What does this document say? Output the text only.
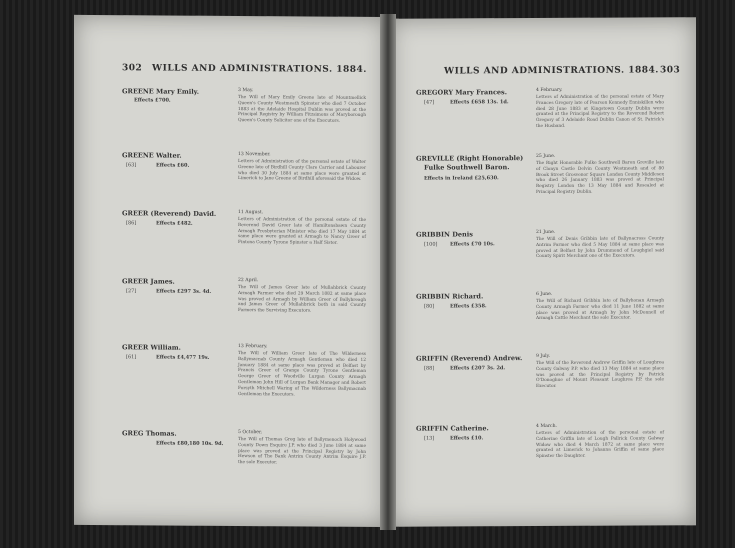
302 WILLS AND ADMINISTRATIONS. 1884.
GREENE Mary Emily.
Effects £700.
3 May.
The Will of Mary Emily Greene late of Mountmellick Queen's County Westmeath Spinster who died 7 October 1883 at the Adelaide Hospital Dublin was proved at the Principal Registry by William Fitzsimons of Maryborough Queen's County Solicitor one of the Executors.
GREENE Walter.
[63]	Effects £60.
13 November.
Letters of Administration of the personal estate of Walter Greene late of Birdhill County Clare Carrier and Labourer who died 30 July 1884 at same place were granted at Limerick to Jane Greene of Birdhill aforesaid the Widow.
GREER (Reverend) David.
[86]	Effects £482.
11 August.
Letters of Administration of the personal estate of the Reverend David Greer late of Hamiltonsbawn County Armagh Presbyterian Minister who died 17 May 1884 at same place were granted at Armagh to Nancy Greer of Fintona County Tyrone Spinster a Half Sister.
GREER James.
[27]	Effects £297 3s. 4d.
22 April.
The Will of James Greer late of Mullahbrick County Armagh Farmer who died 29 March 1882 at same place was proved at Armagh by William Greer of Ballybreagh and James Greer of Mullahbrick both in said County Farmers the Surviving Executors.
GREER William.
[61]	Effects £4,477 19s.
13 February.
The Will of William Greer late of The Wilderness Ballymacnab County Armagh Gentleman who died 12 January 1884 at same place was proved at Belfast by Francis Greer of Grange County Tyrone Gentleman George Greer of Woodville Lurgan County Armagh Gentleman John Hill of Lurgan Bank Manager and Robert Forsyth Mitchell Waring of The Wilderness Ballymacnab Gentleman the Executors.
GREG Thomas.
Effects £80,180 10s. 9d.
5 October.
The Will of Thomas Greg late of Ballymenoch Holywood County Down Esquire J.P. who died 3 June 1884 at same place was proved at the Principal Registry by John Hewson of The Bank Antrim County Antrim Esquire J.P. the sole Executor.
WILLS AND ADMINISTRATIONS. 1884. 303
GREGORY Mary Frances.
[47]	Effects £658 13s. 1d.
4 February.
Letters of Administration of the personal estate of Mary Frances Gregory late of Pearson Kennedy Enniskillen who died 28 June 1883 at Kingstown County Dublin were granted at the Principal Registry to the Reverend Robert Gregory of 3 Adelaide Road Dublin Canon of St. Patrick's the Husband.
GREVILLE (Right Honorable)
Fulke Southwell Baron.
Effects in Ireland £25,630.
25 June.
The Right Honorable Fulke Southwell Baron Greville late of Clonyn Castle Delvin County Westmeath and of 80 Brook Street Grosvenor Square London County Middlesex who died 26 January 1883 was proved at Principal Registry London the 13 May 1884 and Resealed at Principal Registry Dublin.
GRIBBIN Denis
[100]	Effects £70 10s.
21 June.
The Will of Denis Gribbin late of Ballynacross County Antrim Farmer who died 5 May 1884 at same place was proved at Belfast by John Drummond of Loughgiel said County Spirit Merchant one of the Executors.
GRIBBIN Richard.
[80]	Effects £358.
6 June.
The Will of Richard Gribbin late of Ballyhonan Armagh County Armagh Farmer who died 11 June 1882 at same place was proved at Armagh by John McDonnell of Armagh Cattle Merchant the sole Executor.
GRIFFIN (Reverend) Andrew.
[88]	Effects £207 3s. 2d.
9 July.
The Will of the Reverend Andrew Griffin late of Loughrea County Galway P.P. who died 13 May 1884 at same place was proved at the Principal Registry by Patrick O'Donoghue of Mount Pleasant Loughrea P.P. the sole Executor.
GRIFFIN Catherine.
[13]	Effects £10.
4 March.
Letters of Administration of the personal estate of Catherine Griffin late of Lough Pallrick County Galway Widow who died 4 March 1872 at same place were granted at Limerick to Johanna Griffin of same place Spinster the Daughter.
